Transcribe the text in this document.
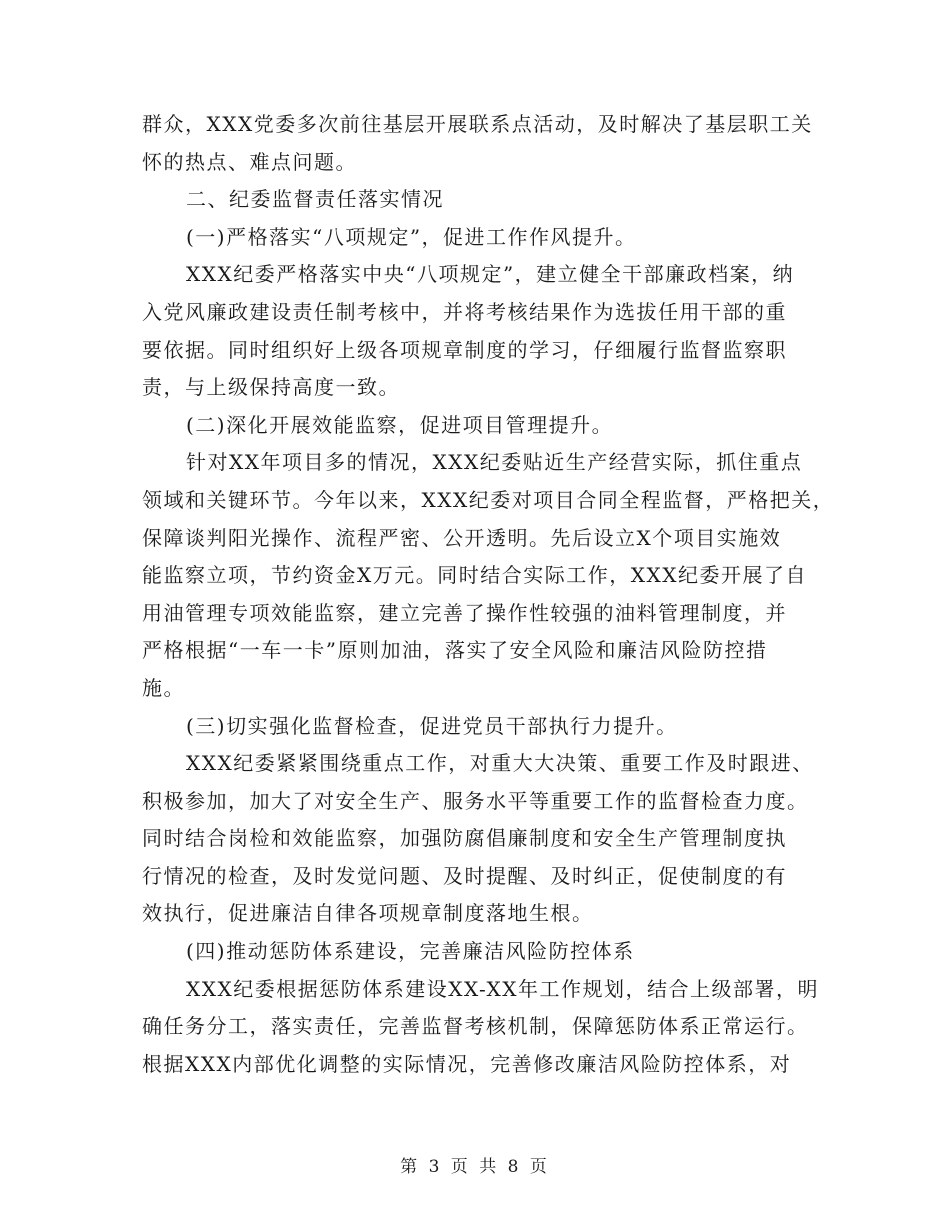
群众，XXX党委多次前往基层开展联系点活动，及时解决了基层职工关

怀的热点、难点问题。

二、纪委监督责任落实情况

(一)严格落实“八项规定”，促进工作作风提升。

XXX纪委严格落实中央“八项规定”，建立健全干部廉政档案，纳

入党风廉政建设责任制考核中，并将考核结果作为选拔任用干部的重

要依据。同时组织好上级各项规章制度的学习，仔细履行监督监察职

责，与上级保持高度一致。

(二)深化开展效能监察，促进项目管理提升。

针对XX年项目多的情况，XXX纪委贴近生产经营实际，抓住重点

领域和关键环节。今年以来，XXX纪委对项目合同全程监督，严格把关，

保障谈判阳光操作、流程严密、公开透明。先后设立X个项目实施效

能监察立项，节约资金X万元。同时结合实际工作，XXX纪委开展了自

用油管理专项效能监察，建立完善了操作性较强的油料管理制度，并

严格根据“一车一卡”原则加油，落实了安全风险和廉洁风险防控措

施。

(三)切实强化监督检查，促进党员干部执行力提升。

XXX纪委紧紧围绕重点工作，对重大大决策、重要工作及时跟进、

积极参加，加大了对安全生产、服务水平等重要工作的监督检查力度。

同时结合岗检和效能监察，加强防腐倡廉制度和安全生产管理制度执

行情况的检查，及时发觉问题、及时提醒、及时纠正，促使制度的有

效执行，促进廉洁自律各项规章制度落地生根。

(四)推动惩防体系建设，完善廉洁风险防控体系

XXX纪委根据惩防体系建设XX-XX年工作规划，结合上级部署，明

确任务分工，落实责任，完善监督考核机制，保障惩防体系正常运行。

根据XXX内部优化调整的实际情况，完善修改廉洁风险防控体系，对

第 3 页 共 8 页
